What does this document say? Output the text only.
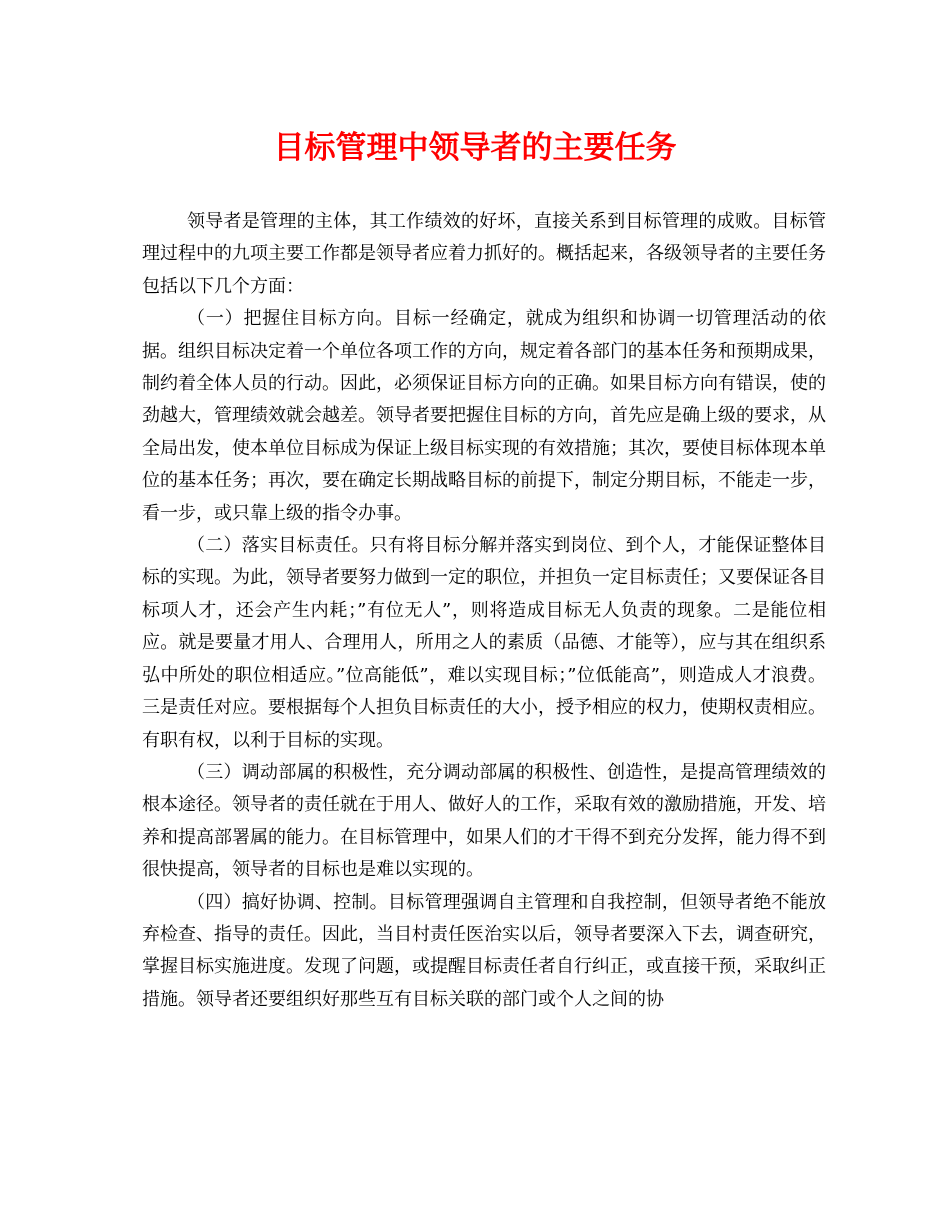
目标管理中领导者的主要任务

领导者是管理的主体，其工作绩效的好坏，直接关系到目标管理的成败。目标管理过程中的九项主要工作都是领导者应着力抓好的。概括起来，各级领导者的主要任务包括以下几个方面：

（一）把握住目标方向。目标一经确定，就成为组织和协调一切管理活动的依据。组织目标决定着一个单位各项工作的方向，规定着各部门的基本任务和预期成果，制约着全体人员的行动。因此，必须保证目标方向的正确。如果目标方向有错误，使的劲越大，管理绩效就会越差。领导者要把握住目标的方向，首先应是确上级的要求，从全局出发，使本单位目标成为保证上级目标实现的有效措施；其次，要使目标体现本单位的基本任务；再次，要在确定长期战略目标的前提下，制定分期目标，不能走一步，看一步，或只靠上级的指令办事。

（二）落实目标责任。只有将目标分解并落实到岗位、到个人，才能保证整体目标的实现。为此，领导者要努力做到一定的职位，并担负一定目标责任；又要保证各目标项人才，还会产生内耗；”有位无人”，则将造成目标无人负责的现象。二是能位相应。就是要量才用人、合理用人，所用之人的素质（品德、才能等），应与其在组织系弘中所处的职位相适应。”位高能低”，难以实现目标；”位低能高”，则造成人才浪费。三是责任对应。要根据每个人担负目标责任的大小，授予相应的权力，使期权责相应。有职有权，以利于目标的实现。

（三）调动部属的积极性，充分调动部属的积极性、创造性，是提高管理绩效的根本途径。领导者的责任就在于用人、做好人的工作，采取有效的激励措施，开发、培养和提高部署属的能力。在目标管理中，如果人们的才干得不到充分发挥，能力得不到很快提高，领导者的目标也是难以实现的。

（四）搞好协调、控制。目标管理强调自主管理和自我控制，但领导者绝不能放弃检查、指导的责任。因此，当目村责任医治实以后，领导者要深入下去，调查研究，掌握目标实施进度。发现了问题，或提醒目标责任者自行纠正，或直接干预，采取纠正措施。领导者还要组织好那些互有目标关联的部门或个人之间的协
